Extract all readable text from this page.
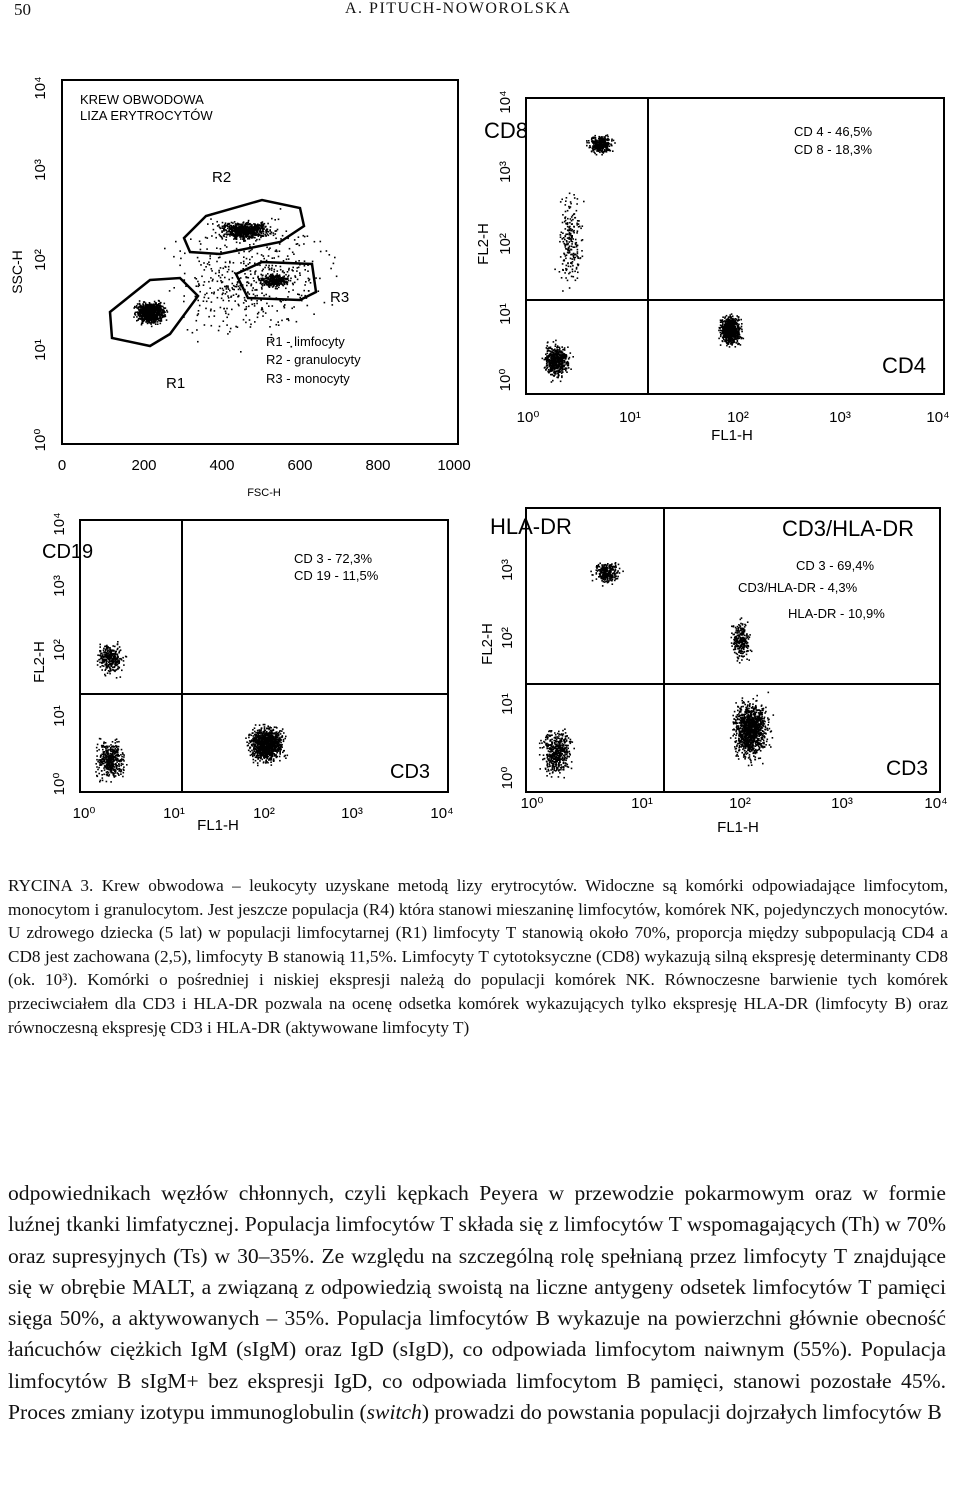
50	A. PITUCH-NOWOROLSKA
KREW OBWODOWA
LIZA ERYTROCYTÓW
R1
R2
R3
R1 - limfocyty
R2 - granulocyty
R3 - monocyty
0	200	400	600	800	1000
FSC-H
10⁰
10¹
10²
10³
10⁴
SSC-H
CD8
CD4
CD 4 - 46,5%
CD 8 - 18,3%
10⁰	10¹	10²	10³	10⁴
FL1-H
10⁰
10¹
10²
10³
10⁴
FL2-H
CD19
CD3
CD 3 - 72,3%
CD 19 - 11,5%
10⁰	10¹	10²	10³	10⁴
FL1-H
10⁰
10¹
10²
10³
10⁴
FL2-H
HLA-DR	CD3/HLA-DR
CD3
CD 3 - 69,4%
CD3/HLA-DR - 4,3%
HLA-DR - 10,9%
10⁰	10¹	10²	10³	10⁴
FL1-H
10⁰
10¹
10²
10³
FL2-H

RYCINA 3. Krew obwodowa – leukocyty uzyskane metodą lizy erytrocytów. Widoczne są komórki odpowiadające limfocytom, monocytom i granulocytom. Jest jeszcze populacja (R4) która stanowi mieszaninę limfocytów, komórek NK, pojedynczych monocytów. U zdrowego dziecka (5 lat) w populacji limfocytarnej (R1) limfocyty T stanowią około 70%, proporcja między subpopulacją CD4 a CD8 jest zachowana (2,5), limfocyty B stanowią 11,5%. Limfocyty T cytotoksyczne (CD8) wykazują silną ekspresję determinanty CD8 (ok. 10³). Komórki o pośredniej i niskiej ekspresji należą do populacji komórek NK. Równoczesne barwienie tych komórek przeciwciałem dla CD3 i HLA-DR pozwala na ocenę odsetka komórek wykazujących tylko ekspresję HLA-DR (limfocyty B) oraz równoczesną ekspresję CD3 i HLA-DR (aktywowane limfocyty T)

odpowiednikach węzłów chłonnych, czyli kępkach Peyera w przewodzie pokarmowym oraz w formie luźnej tkanki limfatycznej. Populacja limfocytów T składa się z limfocytów T wspomagających (Th) w 70% oraz supresyjnych (Ts) w 30–35%. Ze względu na szczególną rolę spełnianą przez limfocyty T znajdujące się w obrębie MALT, a związaną z odpowiedzią swoistą na liczne antygeny odsetek limfocytów T pamięci sięga 50%, a aktywowanych – 35%. Populacja limfocytów B wykazuje na powierzchni głównie obecność łańcuchów ciężkich IgM (sIgM) oraz IgD (sIgD), co odpowiada limfocytom naiwnym (55%). Populacja limfocytów B sIgM+ bez ekspresji IgD, co odpowiada limfocytom B pamięci, stanowi pozostałe 45%. Proces zmiany izotypu immunoglobulin (switch) prowadzi do powstania populacji dojrzałych limfocytów B
